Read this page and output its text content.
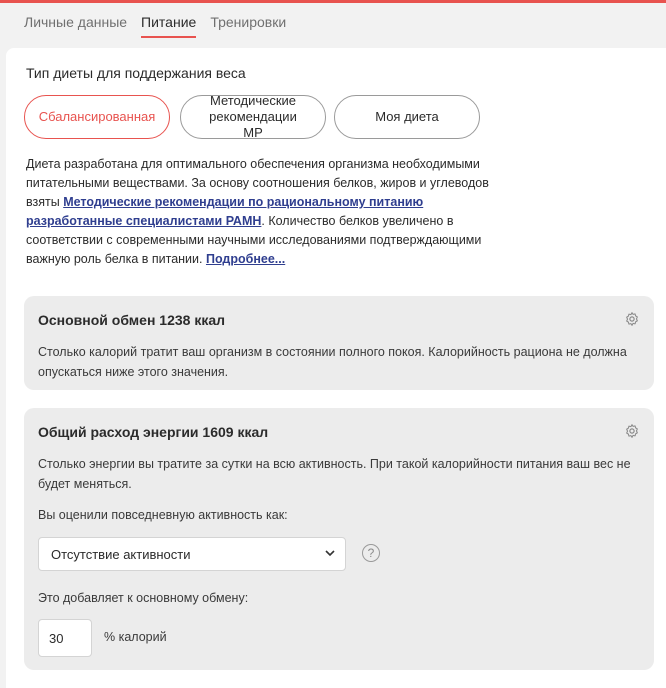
Личные данные Питание Тренировки
Тип диеты для поддержания веса
Сбалансированная
Методические рекомендации МР
Моя диета
Диета разработана для оптимального обеспечения организма необходимыми питательными веществами. За основу соотношения белков, жиров и углеводов взяты Методические рекомендации по рациональному питанию разработанные специалистами РАМН. Количество белков увеличено в соответствии с современными научными исследованиями подтверждающими важную роль белка в питании. Подробнее...
Основной обмен 1238 ккал
Столько калорий тратит ваш организм в состоянии полного покоя. Калорийность рациона не должна опускаться ниже этого значения.
Общий расход энергии 1609 ккал
Столько энергии вы тратите за сутки на всю активность. При такой калорийности питания ваш вес не будет меняться.
Вы оценили повседневную активность как:
Отсутствие активности	?
Это добавляет к основному обмену:
30	% калорий
